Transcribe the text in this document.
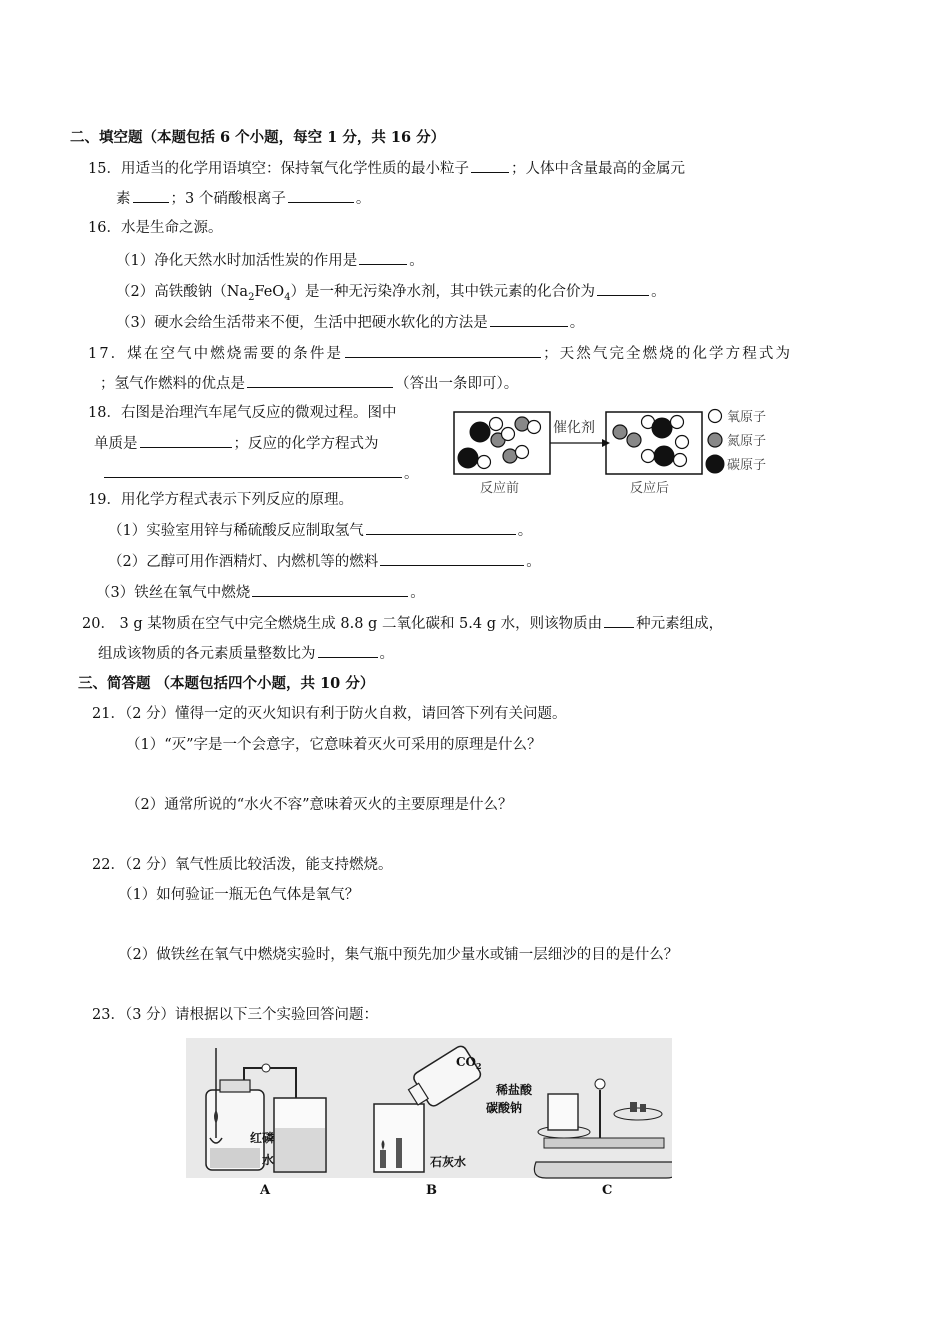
二、填空题（本题包括 6 个小题，每空 1 分，共 16 分）
15．用适当的化学用语填空：保持氧气化学性质的最小粒子	；人体中含量最高的金属元
素	；3 个硝酸根离子	。
16．水是生命之源。
（1）净化天然水时加活性炭的作用是	。
（2）高铁酸钠$(Na_2FeO_4)$是一种无污染净水剂，其中铁元素的化合价为	。
（3）硬水会给生活带来不便，生活中把硬水软化的方法是	。
17．煤在空气中燃烧需要的条件是	；天然气完全燃烧的化学方程式为
；氢气作燃料的优点是	（答出一条即可）。
18．右图是治理汽车尾气反应的微观过程。图中
单质是	；反应的化学方程式为
。
催化剂
反应前	反应后
氧原子
氮原子
碳原子
19．用化学方程式表示下列反应的原理。
（1）实验室用锌与稀硫酸反应制取氢气	。
（2）乙醇可用作酒精灯、内燃机等的燃料	。
（3）铁丝在氧气中燃烧	。
20． 3 g 某物质在空气中完全燃烧生成 8.8 g 二氧化碳和 5.4 g 水，则该物质由 种元素组成，
组成该物质的各元素质量整数比为	。
三、简答题 （本题包括四个小题，共 10 分）
21．（2 分）懂得一定的灭火知识有利于防火自救，请回答下列有关问题。
（1）“灭”字是一个会意字，它意味着灭火可采用的原理是什么？
（2）通常所说的“水火不容”意味着灭火的主要原理是什么？
22．（2 分）氧气性质比较活泼，能支持燃烧。
（1）如何验证一瓶无色气体是氧气？
（2）做铁丝在氧气中燃烧实验时，集气瓶中预先加少量水或铺一层细沙的目的是什么？
23．（3 分）请根据以下三个实验回答问题：
红磷
水
$CO_2$
石灰水
稀盐酸
碳酸钠
A	B	C
